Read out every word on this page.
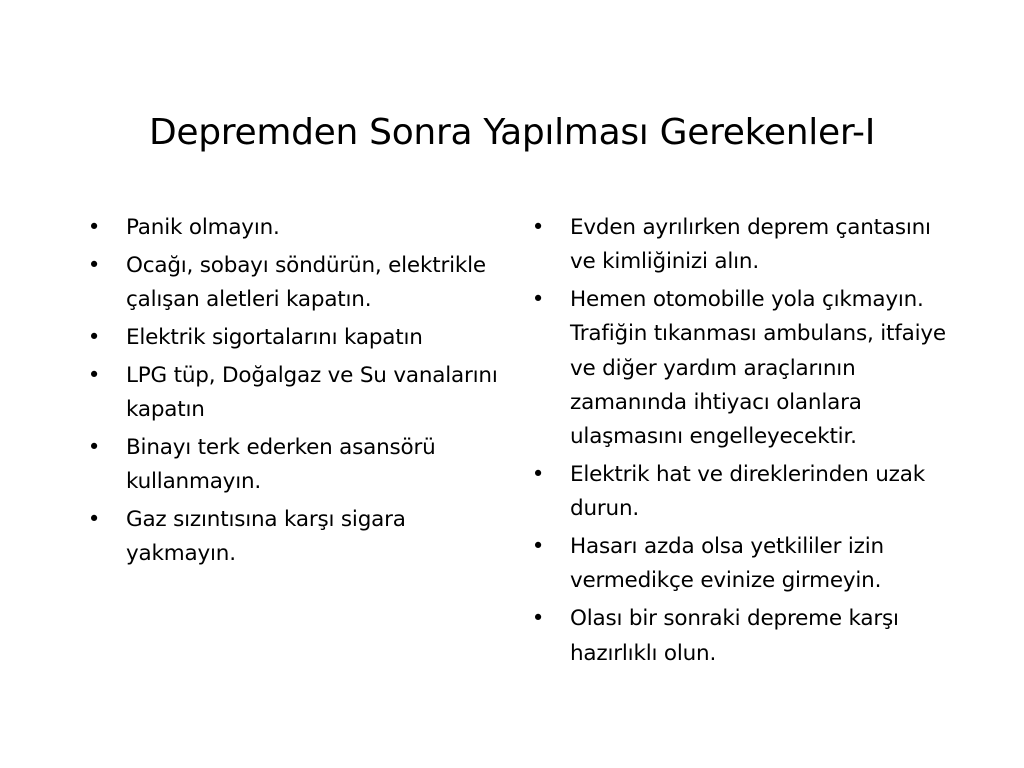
Depremden Sonra Yapılması Gerekenler-I
• Panik olmayın.
• Ocağı, sobayı söndürün, elektrikle çalışan aletleri kapatın.
• Elektrik sigortalarını kapatın
• LPG tüp, Doğalgaz ve Su vanalarını kapatın
• Binayı terk ederken asansörü kullanmayın.
• Gaz sızıntısına karşı sigara yakmayın.
• Evden ayrılırken deprem çantasını ve kimliğinizi alın.
• Hemen otomobille yola çıkmayın. Trafiğin tıkanması ambulans, itfaiye ve diğer yardım araçlarının zamanında ihtiyacı olanlara ulaşmasını engelleyecektir.
• Elektrik hat ve direklerinden uzak durun.
• Hasarı azda olsa yetkililer izin vermedikçe evinize girmeyin.
• Olası bir sonraki depreme karşı hazırlıklı olun.
